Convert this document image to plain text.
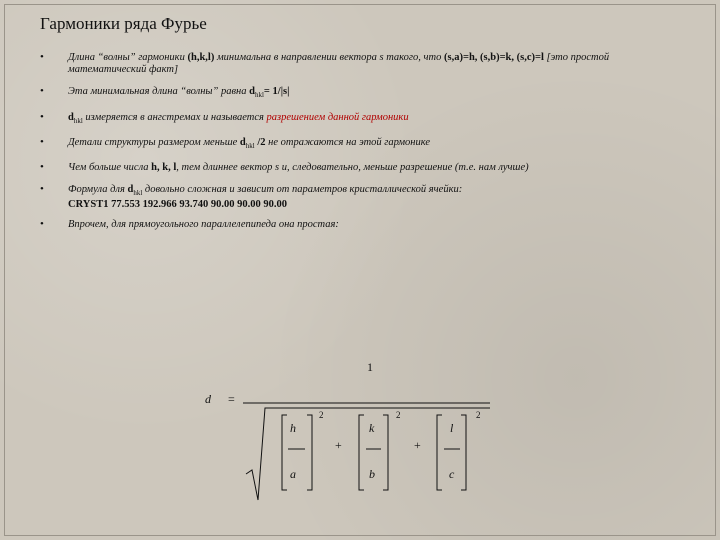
Гармоники ряда Фурье
• Длина “волны” гармоники (h,k,l) минимальна в направлении вектора s такого, что (s,a)=h, (s,b)=k, (s,c)=l [это простой математический факт]
• Эта минимальная длина “волны” равна $d_{hkl}= 1/|s|$
• $d_{hkl}$ измеряется в ангстремах и называется разрешением данной гармоники
• Детали структуры размером меньше $d_{hkl}$ /2 не отражаются на этой гармонике
• Чем больше числа h, k, l, тем длиннее вектор s и, следовательно, меньше разрешение (т.е. нам лучше)
• Формула для $d_{hkl}$ довольно сложная и зависит от параметров кристаллической ячейки:
CRYST1 77.553 192.966 93.740 90.00 90.00 90.00
• Впрочем, для прямоугольного параллелепипеда она простая:
1
d =
h
a
2
+
k
b
2
+
l
c
2
